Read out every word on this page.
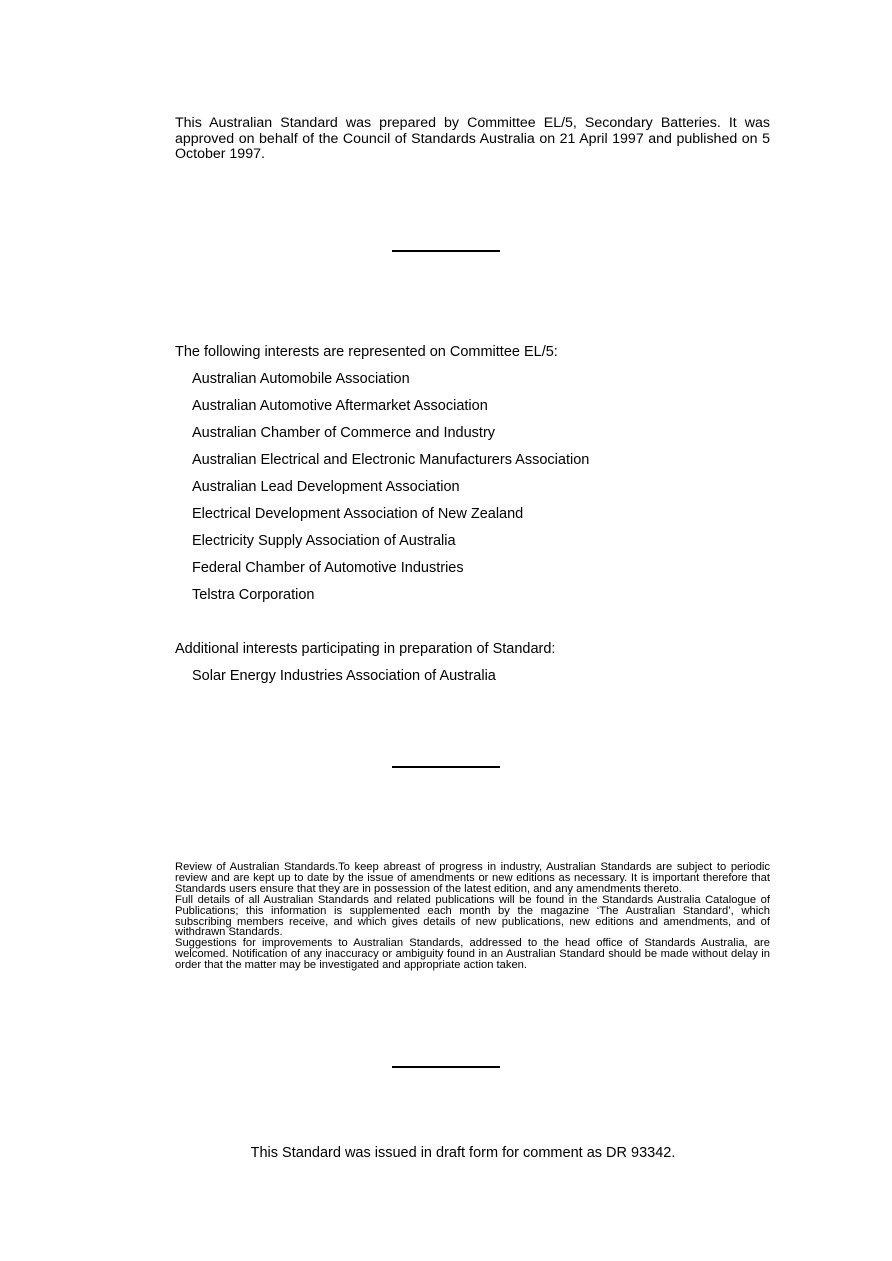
This Australian Standard was prepared by Committee EL/5, Secondary Batteries. It was approved on behalf of the Council of Standards Australia on 21 April 1997 and published on 5 October 1997.

The following interests are represented on Committee EL/5:

Australian Automobile Association
Australian Automotive Aftermarket Association
Australian Chamber of Commerce and Industry
Australian Electrical and Electronic Manufacturers Association
Australian Lead Development Association
Electrical Development Association of New Zealand
Electricity Supply Association of Australia
Federal Chamber of Automotive Industries
Telstra Corporation

Additional interests participating in preparation of Standard:

Solar Energy Industries Association of Australia

Review of Australian Standards.To keep abreast of progress in industry, Australian Standards are subject to periodic review and are kept up to date by the issue of amendments or new editions as necessary. It is important therefore that Standards users ensure that they are in possession of the latest edition, and any amendments thereto.

Full details of all Australian Standards and related publications will be found in the Standards Australia Catalogue of Publications; this information is supplemented each month by the magazine ‘The Australian Standard’, which subscribing members receive, and which gives details of new publications, new editions and amendments, and of withdrawn Standards.

Suggestions for improvements to Australian Standards, addressed to the head office of Standards Australia, are welcomed. Notification of any inaccuracy or ambiguity found in an Australian Standard should be made without delay in order that the matter may be investigated and appropriate action taken.

This Standard was issued in draft form for comment as DR 93342.
